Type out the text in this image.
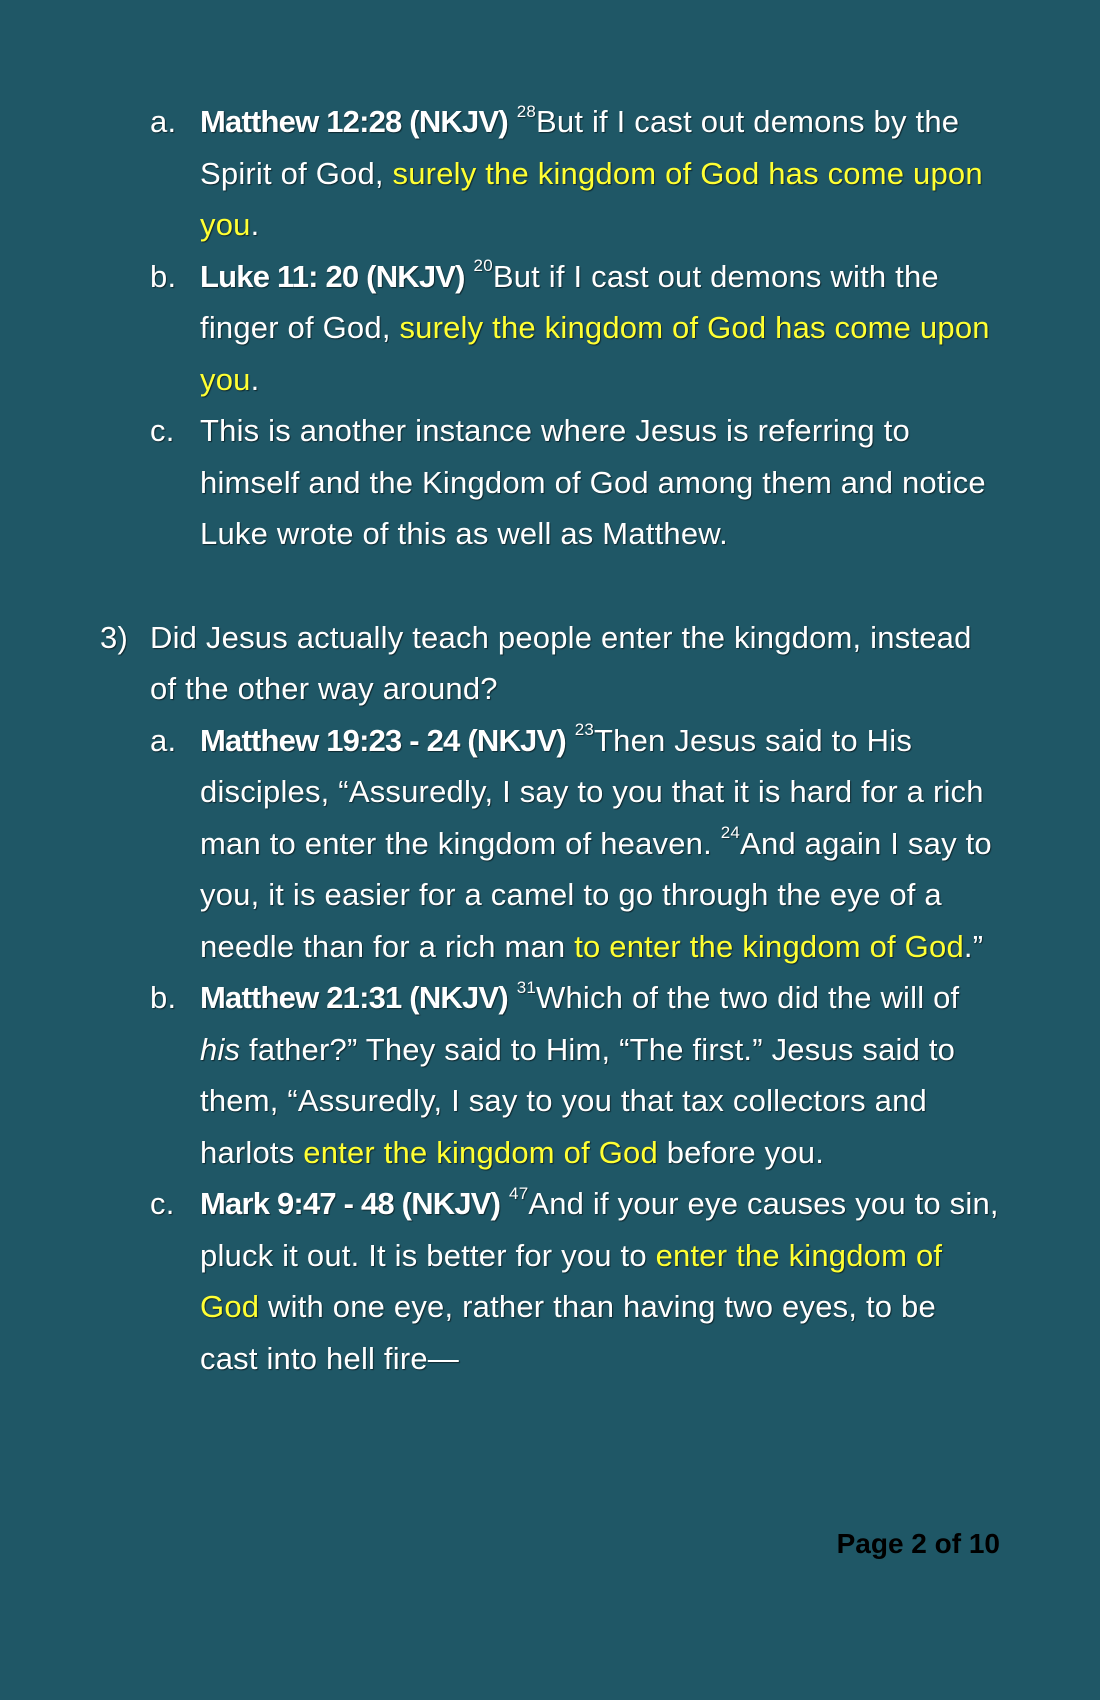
a. Matthew 12:28 (NKJV) $^{28}$But if I cast out demons by the Spirit of God, surely the kingdom of God has come upon you.
b. Luke 11: 20 (NKJV) $^{20}$But if I cast out demons with the finger of God, surely the kingdom of God has come upon you.
c. This is another instance where Jesus is referring to himself and the Kingdom of God among them and notice Luke wrote of this as well as Matthew.
3) Did Jesus actually teach people enter the kingdom, instead of the other way around?
a. Matthew 19:23 - 24 (NKJV) $^{23}$Then Jesus said to His disciples, “Assuredly, I say to you that it is hard for a rich man to enter the kingdom of heaven. $^{24}$And again I say to you, it is easier for a camel to go through the eye of a needle than for a rich man to enter the kingdom of God.”
b. Matthew 21:31 (NKJV) $^{31}$Which of the two did the will of his father?” They said to Him, “The first.” Jesus said to them, “Assuredly, I say to you that tax collectors and harlots enter the kingdom of God before you.
c. Mark 9:47 - 48 (NKJV) $^{47}$And if your eye causes you to sin, pluck it out. It is better for you to enter the kingdom of God with one eye, rather than having two eyes, to be cast into hell fire—
Page 2 of 10
